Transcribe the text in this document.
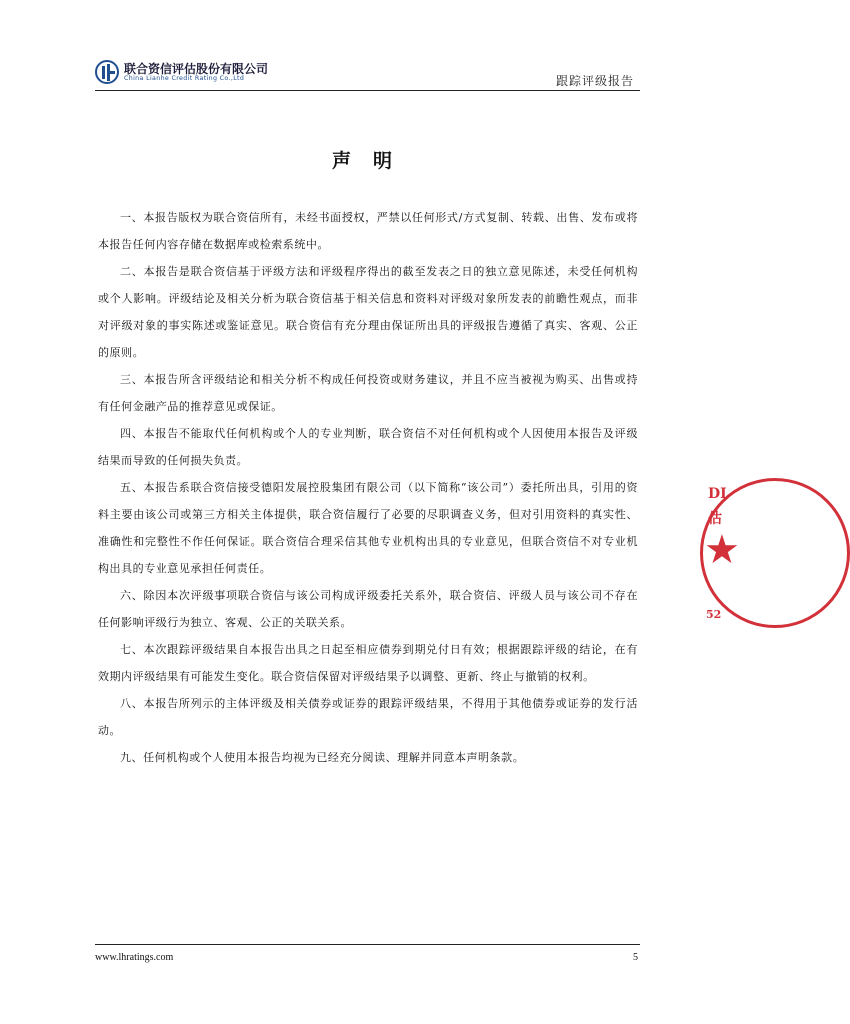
联合资信评估股份有限公司
China Lianhe Credit Rating Co.,Ltd	跟踪评级报告
声明

一、本报告版权为联合资信所有，未经书面授权，严禁以任何形式/方式复制、转载、出售、发布或将本报告任何内容存储在数据库或检索系统中。

二、本报告是联合资信基于评级方法和评级程序得出的截至发表之日的独立意见陈述，未受任何机构或个人影响。评级结论及相关分析为联合资信基于相关信息和资料对评级对象所发表的前瞻性观点，而非对评级对象的事实陈述或鉴证意见。联合资信有充分理由保证所出具的评级报告遵循了真实、客观、公正的原则。

三、本报告所含评级结论和相关分析不构成任何投资或财务建议，并且不应当被视为购买、出售或持有任何金融产品的推荐意见或保证。

四、本报告不能取代任何机构或个人的专业判断，联合资信不对任何机构或个人因使用本报告及评级结果而导致的任何损失负责。

五、本报告系联合资信接受德阳发展控股集团有限公司（以下简称“该公司”）委托所出具，引用的资料主要由该公司或第三方相关主体提供，联合资信履行了必要的尽职调查义务，但对引用资料的真实性、准确性和完整性不作任何保证。联合资信合理采信其他专业机构出具的专业意见，但联合资信不对专业机构出具的专业意见承担任何责任。

六、除因本次评级事项联合资信与该公司构成评级委托关系外，联合资信、评级人员与该公司不存在任何影响评级行为独立、客观、公正的关联关系。

七、本次跟踪评级结果自本报告出具之日起至相应债券到期兑付日有效；根据跟踪评级的结论，在有效期内评级结果有可能发生变化。联合资信保留对评级结果予以调整、更新、终止与撤销的权利。

八、本报告所列示的主体评级及相关债券或证券的跟踪评级结果，不得用于其他债券或证券的发行活动。

九、任何机构或个人使用本报告均视为已经充分阅读、理解并同意本声明条款。

DI
估
★
52
www.lhratings.com	5
